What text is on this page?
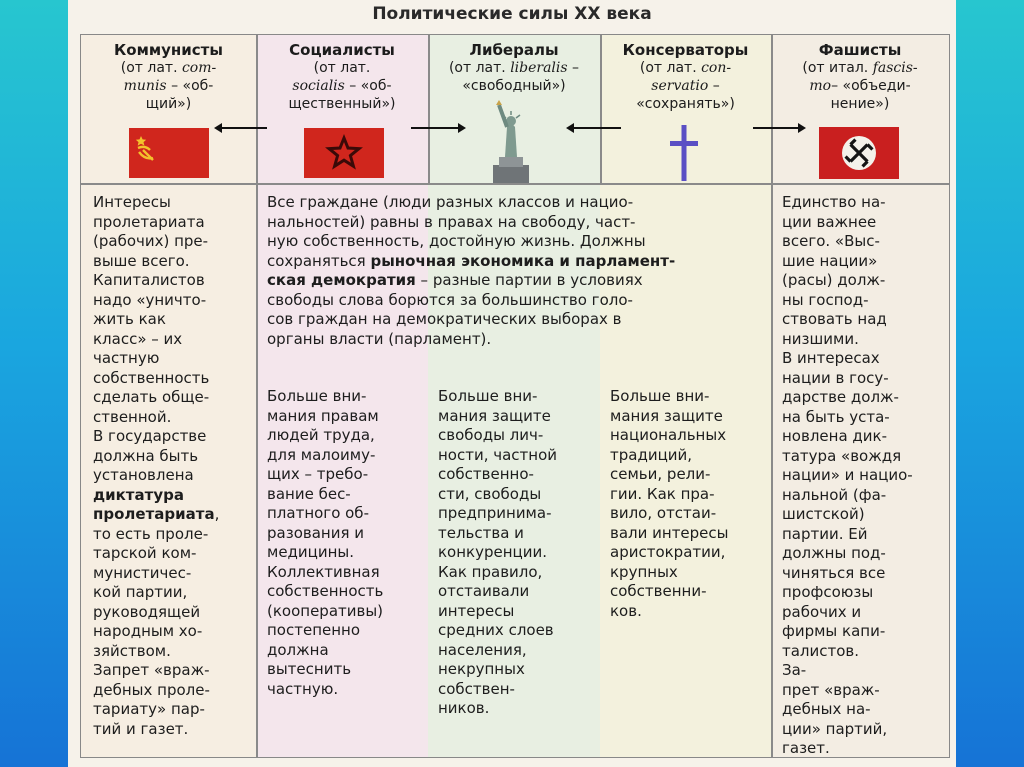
Политические силы XX века
Коммунисты
(от лат. com-
munis – «об-
щий»)
Социалисты
(от лат.
socialis – «об-
щественный»)
Либералы
(от лат. liberalis –
«свободный»)
Консерваторы
(от лат. con-
servatio –
«сохранять»)
Фашисты
(от итал. fascis-
mo– «объеди-
нение»)
Интересы
пролетариата
(рабочих) пре-
выше всего.
Капиталистов
надо «уничто-
жить как
класс» – их
частную
собственность
сделать обще-
ственной.
В государстве
должна быть
установлена
диктатура
пролетариата,
то есть проле-
тарской ком-
мунистичес-
кой партии,
руководящей
народным хо-
зяйством.
Запрет «враж-
дебных проле-
тариату» пар-
тий и газет.
Все граждане (люди разных классов и нацио-
нальностей) равны в правах на свободу, част-
ную собственность, достойную жизнь. Должны
сохраняться рыночная экономика и парламент-
ская демократия – разные партии в условиях
свободы слова борются за большинство голо-
сов граждан на демократических выборах в
органы власти (парламент).
Больше вни-
мания правам
людей труда,
для малоиму-
щих – требо-
вание бес-
платного об-
разования и
медицины.
Коллективная
собственность
(кооперативы)
постепенно
должна
вытеснить
частную.
Больше вни-
мания защите
свободы лич-
ности, частной
собственно-
сти, свободы
предпринима-
тельства и
конкуренции.
Как правило,
отстаивали
интересы
средних слоев
населения,
некрупных
собствен-
ников.
Больше вни-
мания защите
национальных
традиций,
семьи, рели-
гии. Как пра-
вило, отстаи-
вали интересы
аристократии,
крупных
собственни-
ков.
Единство на-
ции важнее
всего. «Выс-
шие нации»
(расы) долж-
ны господ-
ствовать над
низшими.
В интересах
нации в госу-
дарстве долж-
на быть уста-
новлена дик-
татура «вождя
нации» и нацио-
нальной (фа-
шистской)
партии. Ей
должны под-
чиняться все
профсоюзы
рабочих и
фирмы капи-
талистов.
За-
прет «враж-
дебных на-
ции» партий,
газет.
